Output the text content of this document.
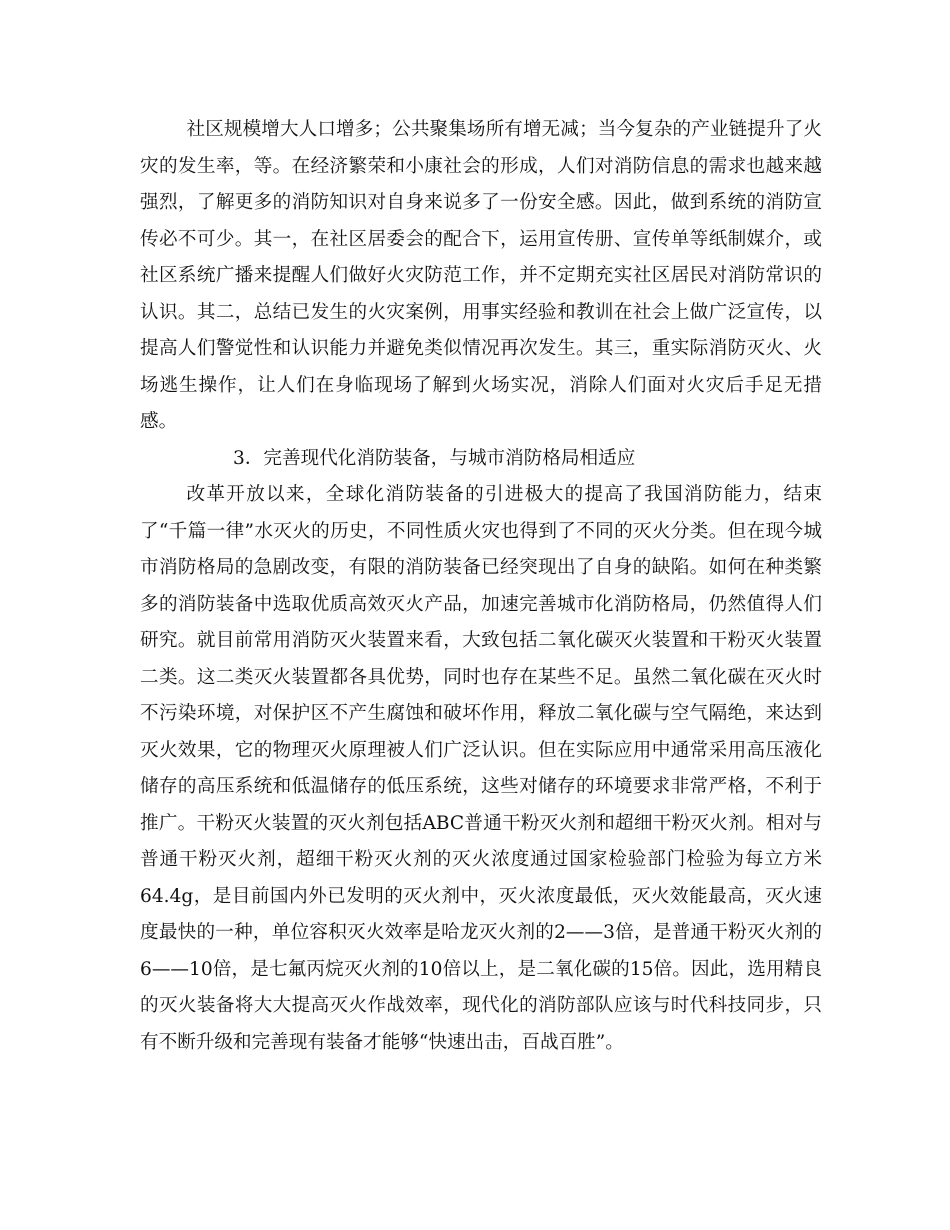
社区规模增大人口增多；公共聚集场所有增无减；当今复杂的产业链提升了火灾的发生率，等。在经济繁荣和小康社会的形成，人们对消防信息的需求也越来越强烈，了解更多的消防知识对自身来说多了一份安全感。因此，做到系统的消防宣传必不可少。其一，在社区居委会的配合下，运用宣传册、宣传单等纸制媒介，或社区系统广播来提醒人们做好火灾防范工作，并不定期充实社区居民对消防常识的认识。其二，总结已发生的火灾案例，用事实经验和教训在社会上做广泛宣传，以提高人们警觉性和认识能力并避免类似情况再次发生。其三，重实际消防灭火、火场逃生操作，让人们在身临现场了解到火场实况，消除人们面对火灾后手足无措感。

3．完善现代化消防装备，与城市消防格局相适应

改革开放以来，全球化消防装备的引进极大的提高了我国消防能力，结束了“千篇一律”水灭火的历史，不同性质火灾也得到了不同的灭火分类。但在现今城市消防格局的急剧改变，有限的消防装备已经突现出了自身的缺陷。如何在种类繁多的消防装备中选取优质高效灭火产品，加速完善城市化消防格局，仍然值得人们研究。就目前常用消防灭火装置来看，大致包括二氧化碳灭火装置和干粉灭火装置二类。这二类灭火装置都各具优势，同时也存在某些不足。虽然二氧化碳在灭火时不污染环境，对保护区不产生腐蚀和破坏作用，释放二氧化碳与空气隔绝，来达到灭火效果，它的物理灭火原理被人们广泛认识。但在实际应用中通常采用高压液化储存的高压系统和低温储存的低压系统，这些对储存的环境要求非常严格，不利于推广。干粉灭火装置的灭火剂包括ABC普通干粉灭火剂和超细干粉灭火剂。相对与普通干粉灭火剂，超细干粉灭火剂的灭火浓度通过国家检验部门检验为每立方米64.4g，是目前国内外已发明的灭火剂中，灭火浓度最低，灭火效能最高，灭火速度最快的一种，单位容积灭火效率是哈龙灭火剂的2——3倍，是普通干粉灭火剂的6——10倍，是七氟丙烷灭火剂的10倍以上，是二氧化碳的15倍。因此，选用精良的灭火装备将大大提高灭火作战效率，现代化的消防部队应该与时代科技同步，只有不断升级和完善现有装备才能够“快速出击，百战百胜”。
